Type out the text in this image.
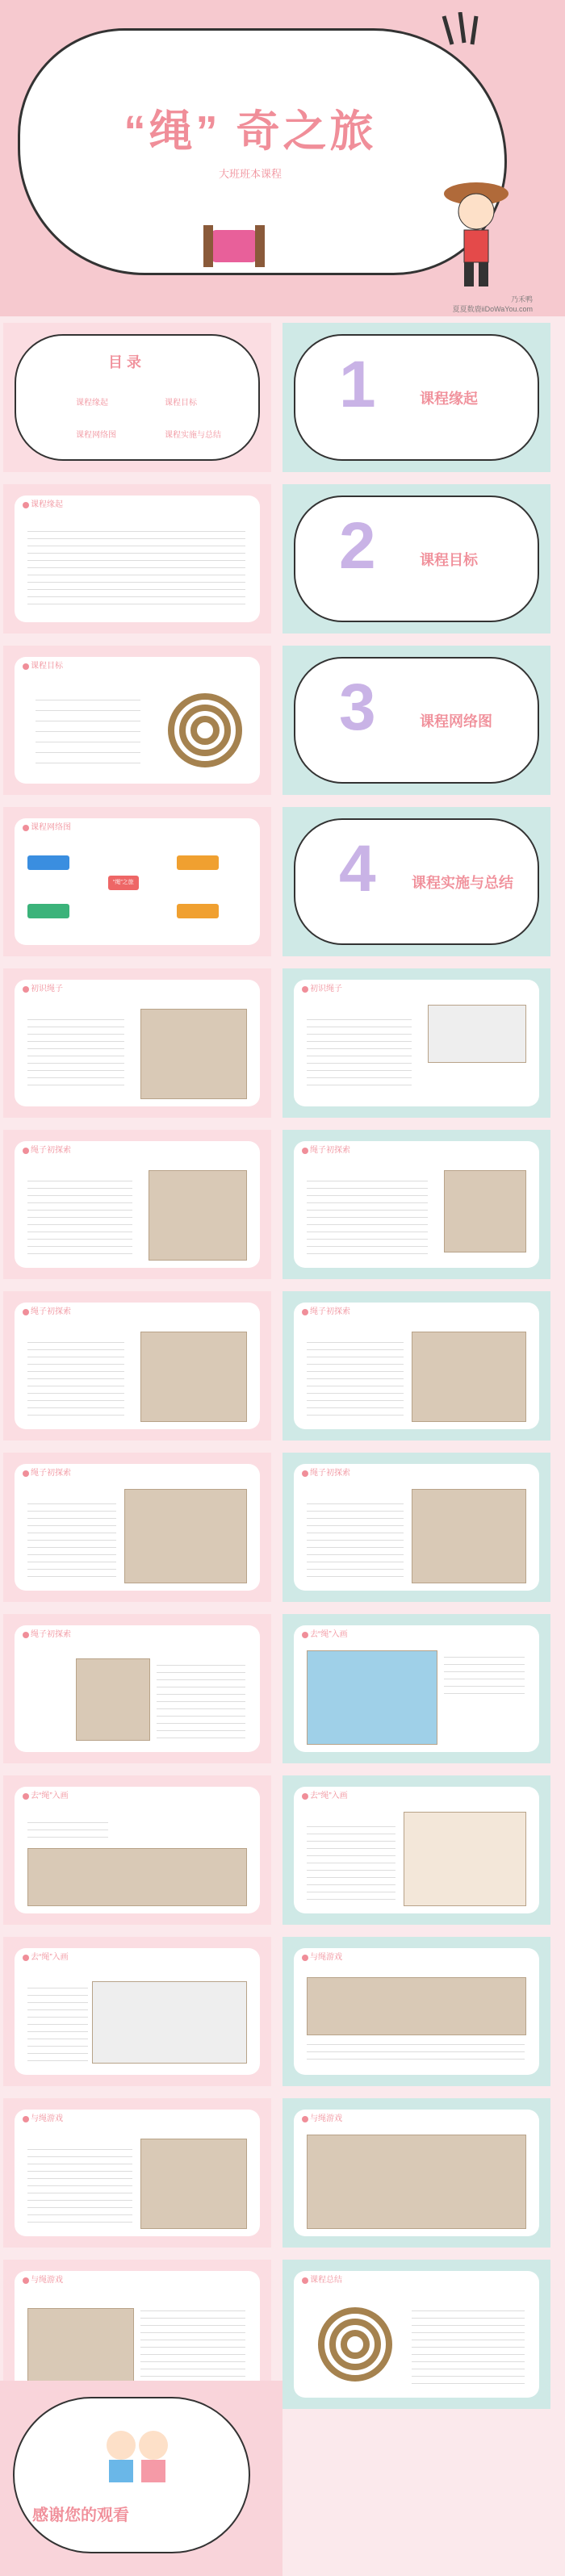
“绳” 奇之旅
大班班本课程
乃禾鸭
夏夏数鹿iiDoWaYou.com
目 录
课程缘起	课程目标
课程网络图	课程实施与总结
1	课程缘起
课程缘起
2	课程目标
课程目标
3	课程网络图
课程网络图
“绳”之旅	4 课程实施与总结
初识绳子	初识绳子
绳子初探索	绳子初探索
绳子初探索	绳子初探索
绳子初探索	绳子初探索
绳子初探索	去“绳”入画
去“绳”入画	去“绳”入画
去“绳”入画	与绳游戏
与绳游戏	与绳游戏
与绳游戏	课程总结
感谢您的观看
